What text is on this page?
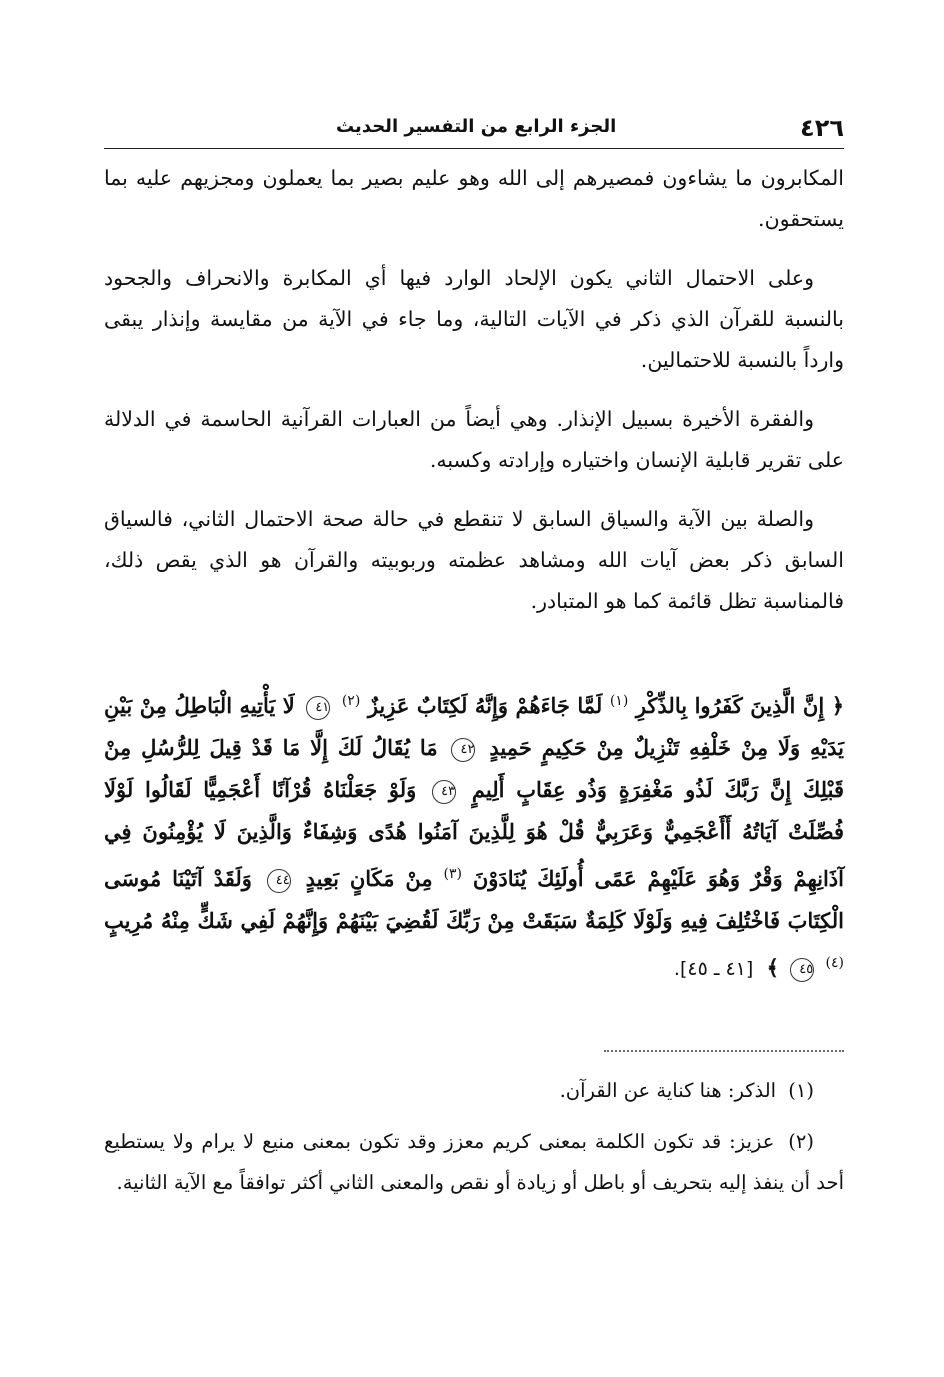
٤٢٦
الجزء الرابع من التفسير الحديث

المكابرون ما يشاءون فمصيرهم إلى الله وهو عليم بصير بما يعملون ومجزيهم عليه بما يستحقون.

وعلى الاحتمال الثاني يكون الإلحاد الوارد فيها أي المكابرة والانحراف والجحود بالنسبة للقرآن الذي ذكر في الآيات التالية، وما جاء في الآية من مقايسة وإنذار يبقى وارداً بالنسبة للاحتمالين.

والفقرة الأخيرة بسبيل الإنذار. وهي أيضاً من العبارات القرآنية الحاسمة في الدلالة على تقرير قابلية الإنسان واختياره وإرادته وكسبه.

والصلة بين الآية والسياق السابق لا تنقطع في حالة صحة الاحتمال الثاني، فالسياق السابق ذكر بعض آيات الله ومشاهد عظمته وربوبيته والقرآن هو الذي يقص ذلك، فالمناسبة تظل قائمة كما هو المتبادر.

﴿ إِنَّ الَّذِينَ كَفَرُوا بِالذِّكْرِ $^{(١)}$ لَمَّا جَاءَهُمْ وَإِنَّهُ لَكِتَابٌ عَزِيزٌ $^{(٢)}$ ٤١ لَا يَأْتِيهِ الْبَاطِلُ مِنْ بَيْنِ يَدَيْهِ وَلَا مِنْ خَلْفِهِ تَنْزِيلٌ مِنْ حَكِيمٍ حَمِيدٍ ٤٢ مَا يُقَالُ لَكَ إِلَّا مَا قَدْ قِيلَ لِلرُّسُلِ مِنْ قَبْلِكَ إِنَّ رَبَّكَ لَذُو مَغْفِرَةٍ وَذُو عِقَابٍ أَلِيمٍ ٤٣ وَلَوْ جَعَلْنَاهُ قُرْآنًا أَعْجَمِيًّا لَقَالُوا لَوْلَا فُصِّلَتْ آيَاتُهُ أَأَعْجَمِيٌّ وَعَرَبِيٌّ قُلْ هُوَ لِلَّذِينَ آمَنُوا هُدًى وَشِفَاءٌ وَالَّذِينَ لَا يُؤْمِنُونَ فِي آذَانِهِمْ وَقْرٌ وَهُوَ عَلَيْهِمْ عَمًى أُولَئِكَ يُنَادَوْنَ $^{(٣)}$ مِنْ مَكَانٍ بَعِيدٍ ٤٤ وَلَقَدْ آتَيْنَا مُوسَى الْكِتَابَ فَاخْتُلِفَ فِيهِ وَلَوْلَا كَلِمَةٌ سَبَقَتْ مِنْ رَبِّكَ لَقُضِيَ بَيْنَهُمْ وَإِنَّهُمْ لَفِي شَكٍّ مِنْهُ مُرِيبٍ $^{(٤)}$ ٤٥ ﴾ [٤١ ـ ٤٥].

(١) الذكر: هنا كناية عن القرآن.

(٢) عزيز: قد تكون الكلمة بمعنى كريم معزز وقد تكون بمعنى منيع لا يرام ولا يستطيع أحد أن ينفذ إليه بتحريف أو باطل أو زيادة أو نقص والمعنى الثاني أكثر توافقاً مع الآية الثانية.
